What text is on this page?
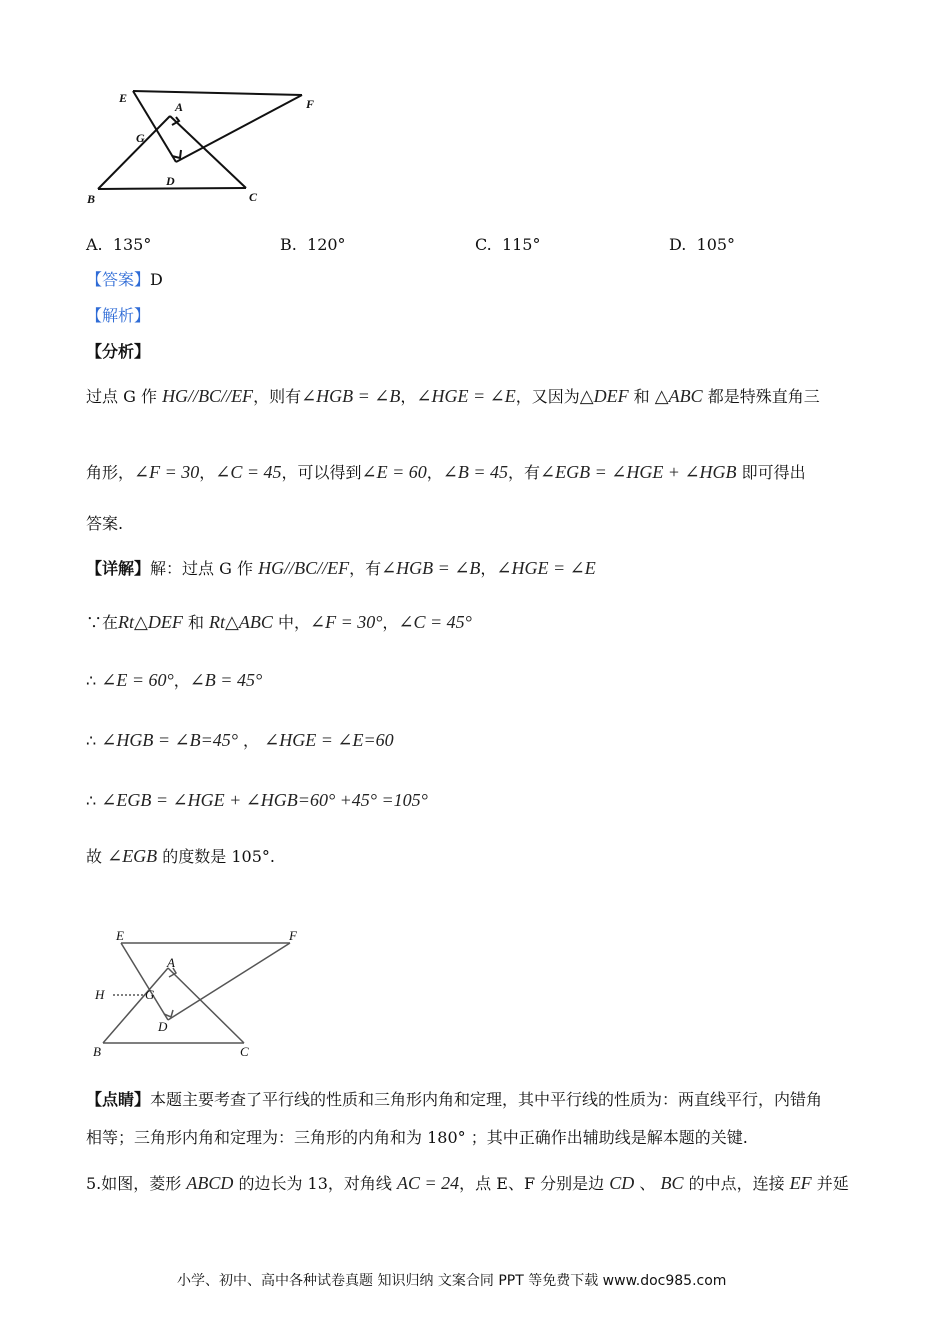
E
A	F
G
D
B	C
A. 135°	B. 120°	C. 115°	D. 105°
【答案】D
【解析】
【分析】
过点 G 作 HG//BC//EF，则有∠HGB = ∠B，∠HGE = ∠E，又因为△DEF 和 △ABC 都是特殊直角三
角形，∠F = 30，∠C = 45，可以得到∠E = 60，∠B = 45，有∠EGB = ∠HGE + ∠HGB 即可得出
答案.
【详解】解：过点 G 作 HG//BC//EF，有∠HGB = ∠B，∠HGE = ∠E
∵在Rt△DEF 和 Rt△ABC 中，∠F = 30°，∠C = 45°
∴ ∠E = 60°，∠B = 45°
∴ ∠HGB = ∠B=45° ， ∠HGE = ∠E=60
∴ ∠EGB = ∠HGE + ∠HGB=60° +45° =105°
故 ∠EGB 的度数是 105°.
E	F
A
H	G
D
B	C
【点睛】本题主要考查了平行线的性质和三角形内角和定理，其中平行线的性质为：两直线平行，内错角
相等；三角形内角和定理为：三角形的内角和为 180° ；其中正确作出辅助线是解本题的关键.
5.如图，菱形 ABCD 的边长为 13，对角线 AC = 24，点 E、F 分别是边 CD 、 BC 的中点，连接 EF 并延
小学、初中、高中各种试卷真题 知识归纳 文案合同 PPT 等免费下载 www.doc985.com
